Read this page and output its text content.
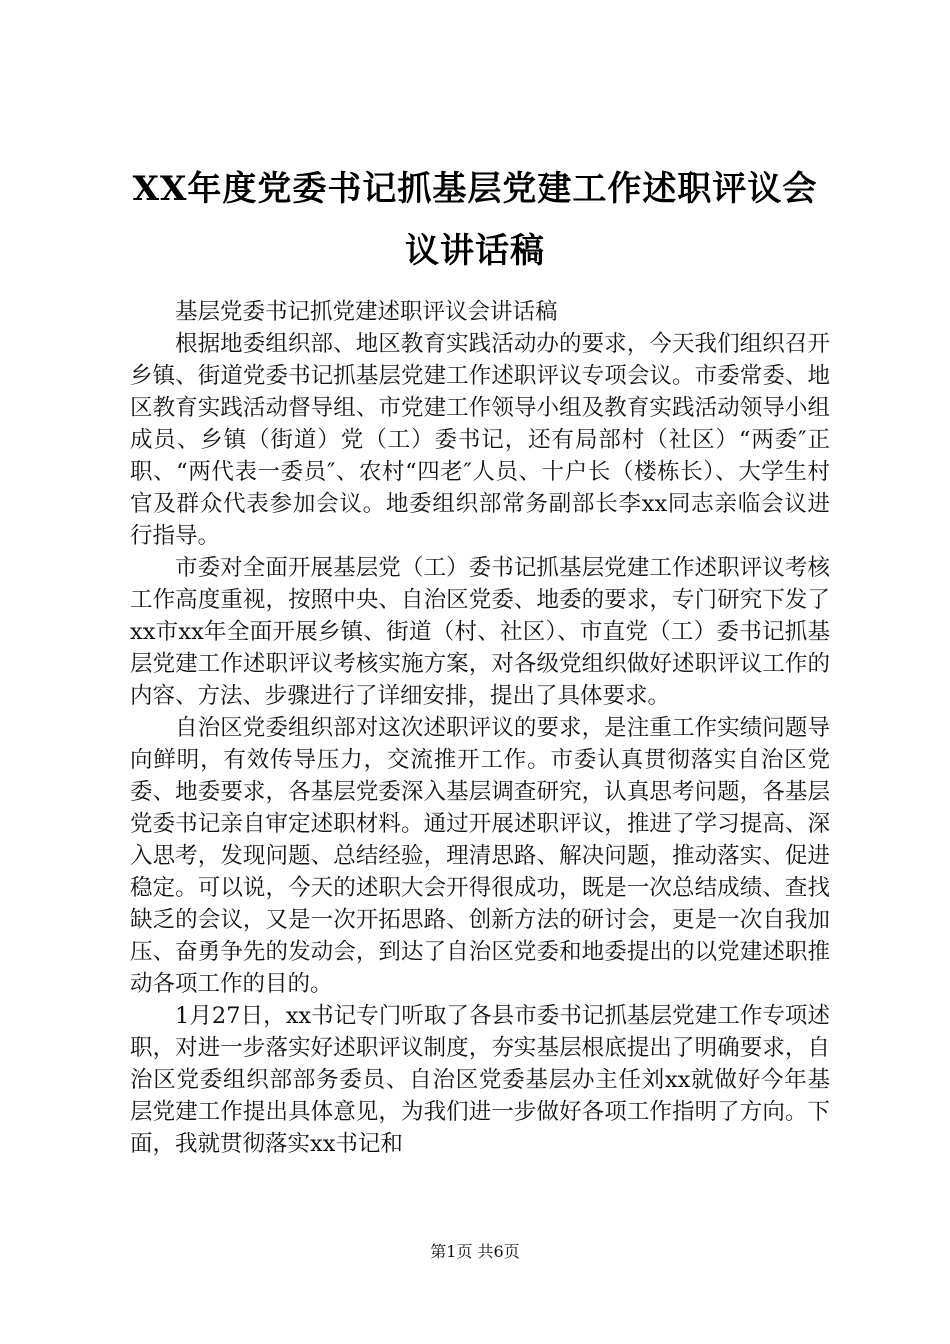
XX年度党委书记抓基层党建工作述职评议会议讲话稿

基层党委书记抓党建述职评议会讲话稿

根据地委组织部、地区教育实践活动办的要求，今天我们组织召开乡镇、街道党委书记抓基层党建工作述职评议专项会议。市委常委、地区教育实践活动督导组、市党建工作领导小组及教育实践活动领导小组成员、乡镇（街道）党（工）委书记，还有局部村（社区）“两委″正职、“两代表一委员″、农村“四老″人员、十户长（楼栋长）、大学生村官及群众代表参加会议。地委组织部常务副部长李xx同志亲临会议进行指导。

市委对全面开展基层党（工）委书记抓基层党建工作述职评议考核工作高度重视，按照中央、自治区党委、地委的要求，专门研究下发了xx市xx年全面开展乡镇、街道（村、社区）、市直党（工）委书记抓基层党建工作述职评议考核实施方案，对各级党组织做好述职评议工作的内容、方法、步骤进行了详细安排，提出了具体要求。

自治区党委组织部对这次述职评议的要求，是注重工作实绩问题导向鲜明，有效传导压力，交流推开工作。市委认真贯彻落实自治区党委、地委要求，各基层党委深入基层调查研究，认真思考问题，各基层党委书记亲自审定述职材料。通过开展述职评议，推进了学习提高、深入思考，发现问题、总结经验，理清思路、解决问题，推动落实、促进稳定。可以说，今天的述职大会开得很成功，既是一次总结成绩、查找缺乏的会议，又是一次开拓思路、创新方法的研讨会，更是一次自我加压、奋勇争先的发动会，到达了自治区党委和地委提出的以党建述职推动各项工作的目的。

1月27日，xx书记专门听取了各县市委书记抓基层党建工作专项述职，对进一步落实好述职评议制度，夯实基层根底提出了明确要求，自治区党委组织部部务委员、自治区党委基层办主任刘xx就做好今年基层党建工作提出具体意见，为我们进一步做好各项工作指明了方向。下面，我就贯彻落实xx书记和

第1页 共6页
